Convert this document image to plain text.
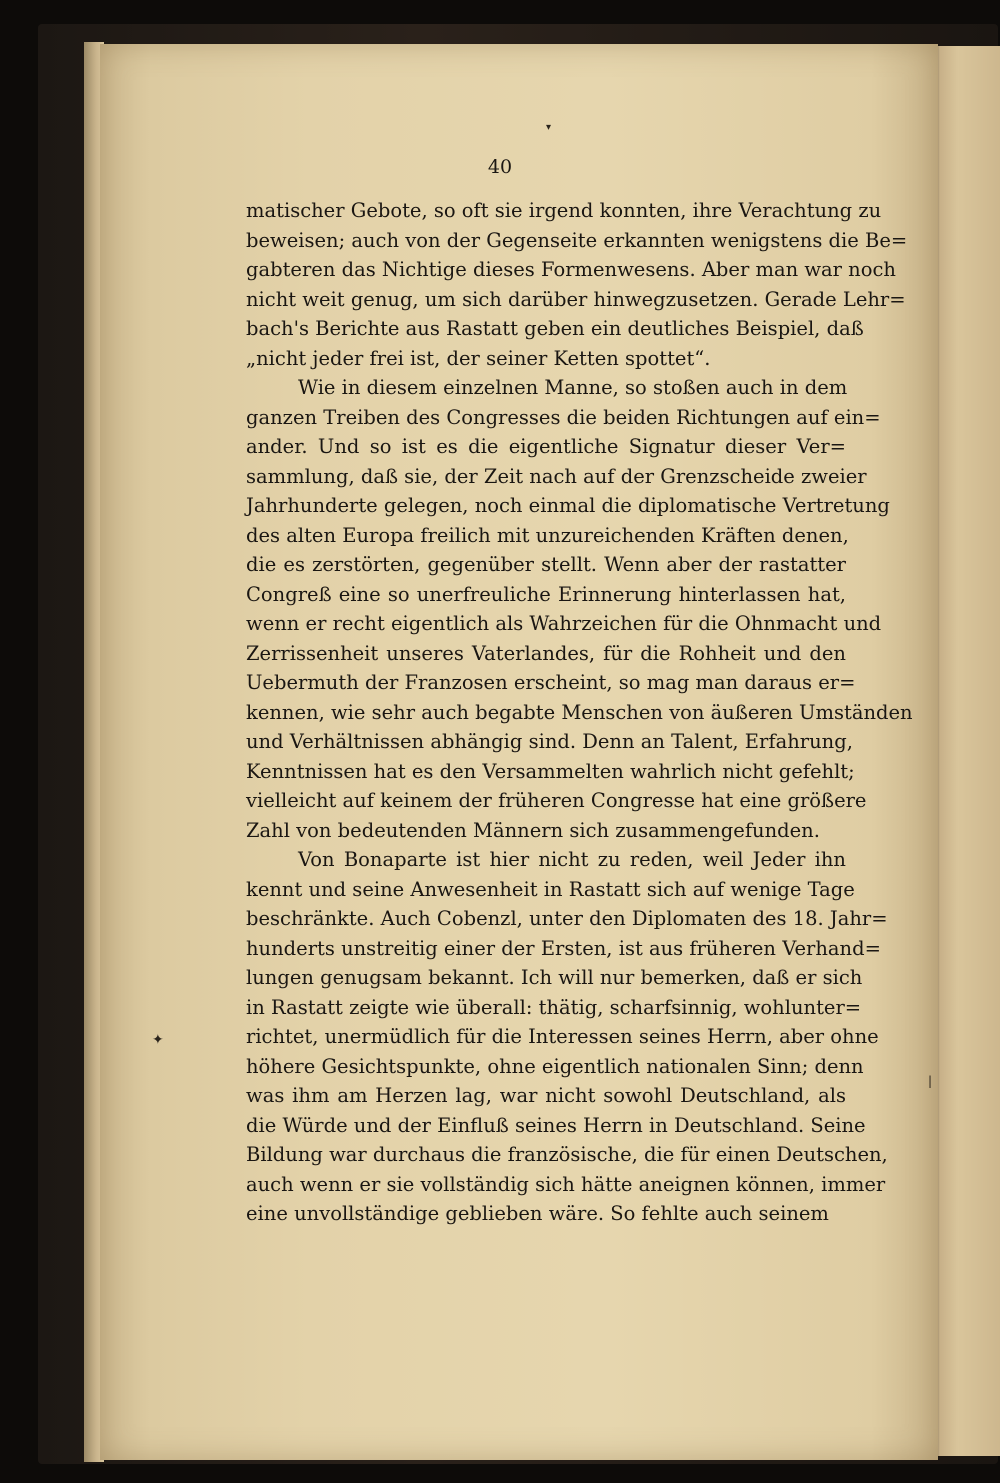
40
matischer Gebote, so oft sie irgend konnten, ihre Verachtung zu
beweisen; auch von der Gegenseite erkannten wenigstens die Be=
gabteren das Nichtige dieses Formenwesens. Aber man war noch
nicht weit genug, um sich darüber hinwegzusetzen. Gerade Lehr=
bach's Berichte aus Rastatt geben ein deutliches Beispiel, daß
„nicht jeder frei ist, der seiner Ketten spottet“.
Wie in diesem einzelnen Manne, so stoßen auch in dem
ganzen Treiben des Congresses die beiden Richtungen auf ein=
ander. Und so ist es die eigentliche Signatur dieser Ver=
sammlung, daß sie, der Zeit nach auf der Grenzscheide zweier
Jahrhunderte gelegen, noch einmal die diplomatische Vertretung
des alten Europa freilich mit unzureichenden Kräften denen,
die es zerstörten, gegenüber stellt. Wenn aber der rastatter
Congreß eine so unerfreuliche Erinnerung hinterlassen hat,
wenn er recht eigentlich als Wahrzeichen für die Ohnmacht und
Zerrissenheit unseres Vaterlandes, für die Rohheit und den
Uebermuth der Franzosen erscheint, so mag man daraus er=
kennen, wie sehr auch begabte Menschen von äußeren Umständen
und Verhältnissen abhängig sind. Denn an Talent, Erfahrung,
Kenntnissen hat es den Versammelten wahrlich nicht gefehlt;
vielleicht auf keinem der früheren Congresse hat eine größere
Zahl von bedeutenden Männern sich zusammengefunden.
Von Bonaparte ist hier nicht zu reden, weil Jeder ihn
kennt und seine Anwesenheit in Rastatt sich auf wenige Tage
beschränkte. Auch Cobenzl, unter den Diplomaten des 18. Jahr=
hunderts unstreitig einer der Ersten, ist aus früheren Verhand=
lungen genugsam bekannt. Ich will nur bemerken, daß er sich
in Rastatt zeigte wie überall: thätig, scharfsinnig, wohlunter=
richtet, unermüdlich für die Interessen seines Herrn, aber ohne
höhere Gesichtspunkte, ohne eigentlich nationalen Sinn; denn
was ihm am Herzen lag, war nicht sowohl Deutschland, als
die Würde und der Einfluß seines Herrn in Deutschland. Seine
Bildung war durchaus die französische, die für einen Deutschen,
auch wenn er sie vollständig sich hätte aneignen können, immer
eine unvollständige geblieben wäre. So fehlte auch seinem
✦
▾
|
